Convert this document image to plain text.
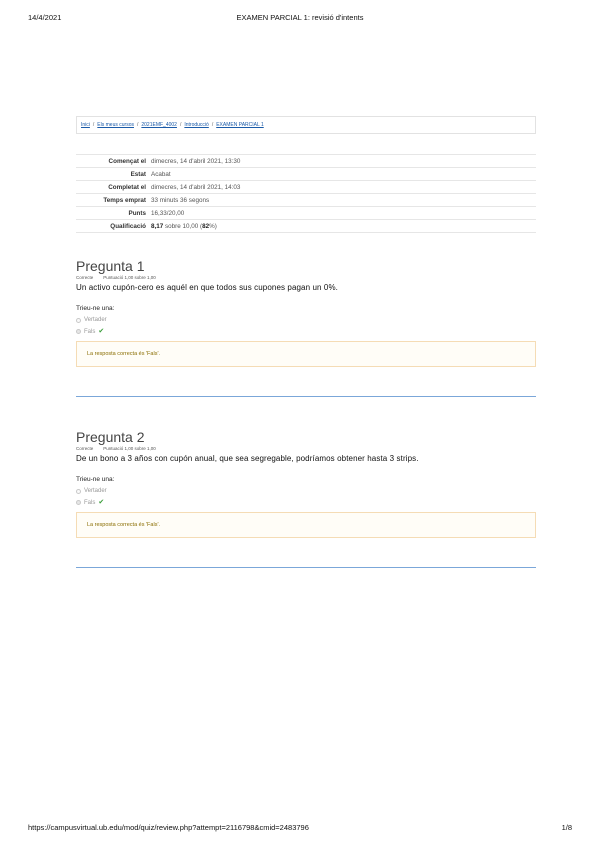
14/4/2021	EXAMEN PARCIAL 1: revisió d'intents
Inici / Els meus cursos / 2021EMF_4002 / Introducció / EXAMEN PARCIAL 1
Començat el dimecres, 14 d'abril 2021, 13:30
Estat Acabat
Completat el dimecres, 14 d'abril 2021, 14:03
Temps emprat 33 minuts 36 segons
Punts 16,33/20,00
Qualificació 8,17 sobre 10,00 (82%)
Pregunta 1
Correcte Puntuació 1,00 sobre 1,00
Un activo cupón-cero es aquél en que todos sus cupones pagan un 0%.
Trieu-ne una:
Vertader
Fals ✔
La resposta correcta és 'Fals'.
Pregunta 2
Correcte Puntuació 1,00 sobre 1,00
De un bono a 3 años con cupón anual, que sea segregable, podríamos obtener hasta 3 strips.
Trieu-ne una:
Vertader
Fals ✔
La resposta correcta és 'Fals'.
https://campusvirtual.ub.edu/mod/quiz/review.php?attempt=2116798&cmid=2483796	1/8
